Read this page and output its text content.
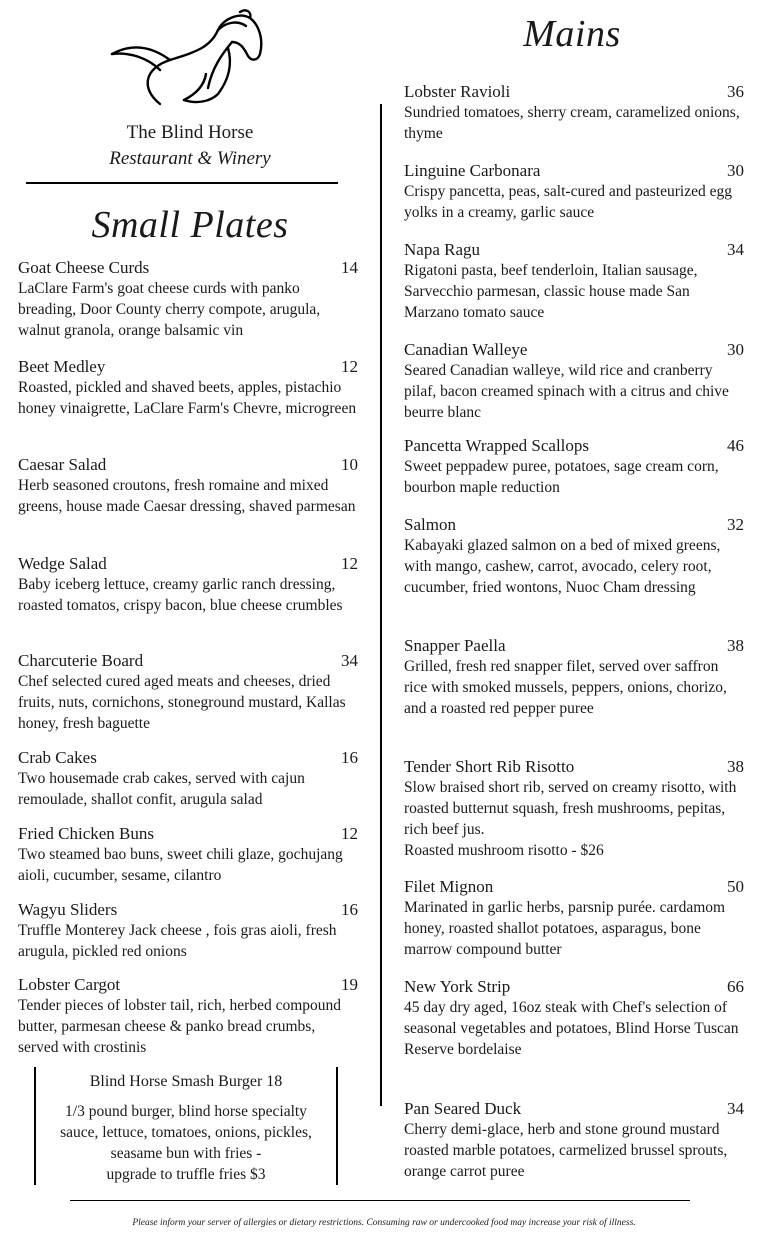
The Blind Horse
Restaurant & Winery
Small Plates
Goat Cheese Curds	14
LaClare Farm's goat cheese curds with panko breading, Door County cherry compote, arugula, walnut granola, orange balsamic vin
Beet Medley	12
Roasted, pickled and shaved beets, apples, pistachio honey vinaigrette, LaClare Farm's Chevre, microgreen
Caesar Salad	10
Herb seasoned croutons, fresh romaine and mixed greens, house made Caesar dressing, shaved parmesan
Wedge Salad	12
Baby iceberg lettuce, creamy garlic ranch dressing, roasted tomatos, crispy bacon, blue cheese crumbles
Charcuterie Board	34
Chef selected cured aged meats and cheeses, dried fruits, nuts, cornichons, stoneground mustard, Kallas honey, fresh baguette
Crab Cakes	16
Two housemade crab cakes, served with cajun remoulade, shallot confit, arugula salad
Fried Chicken Buns	12
Two steamed bao buns, sweet chili glaze, gochujang aioli, cucumber, sesame, cilantro
Wagyu Sliders	16
Truffle Monterey Jack cheese , fois gras aioli, fresh arugula, pickled red onions
Lobster Cargot	19
Tender pieces of lobster tail, rich, herbed compound butter, parmesan cheese & panko bread crumbs, served with crostinis
Blind Horse Smash Burger 18
1/3 pound burger, blind horse specialty
sauce, lettuce, tomatoes, onions, pickles,
seasame bun with fries -
upgrade to truffle fries $3
Mains
Lobster Ravioli	36
Sundried tomatoes, sherry cream, caramelized onions, thyme
Linguine Carbonara	30
Crispy pancetta, peas, salt-cured and pasteurized egg yolks in a creamy, garlic sauce
Napa Ragu	34
Rigatoni pasta, beef tenderloin, Italian sausage, Sarvecchio parmesan, classic house made San Marzano tomato sauce
Canadian Walleye	30
Seared Canadian walleye, wild rice and cranberry pilaf, bacon creamed spinach with a citrus and chive beurre blanc
Pancetta Wrapped Scallops	46
Sweet peppadew puree, potatoes, sage cream corn, bourbon maple reduction
Salmon	32
Kabayaki glazed salmon on a bed of mixed greens, with mango, cashew, carrot, avocado, celery root, cucumber, fried wontons, Nuoc Cham dressing
Snapper Paella	38
Grilled, fresh red snapper filet, served over saffron rice with smoked mussels, peppers, onions, chorizo, and a roasted red pepper puree
Tender Short Rib Risotto	38
Slow braised short rib, served on creamy risotto, with roasted butternut squash, fresh mushrooms, pepitas, rich beef jus.
Roasted mushroom risotto - $26
Filet Mignon	50
Marinated in garlic herbs, parsnip purée. cardamom honey, roasted shallot potatoes, asparagus, bone marrow compound butter
New York Strip	66
45 day dry aged, 16oz steak with Chef's selection of seasonal vegetables and potatoes, Blind Horse Tuscan Reserve bordelaise
Pan Seared Duck	34
Cherry demi-glace, herb and stone ground mustard roasted marble potatoes, carmelized brussel sprouts, orange carrot puree
Please inform your server of allergies or dietary restrictions. Consuming raw or undercooked food may increase your risk of illness.
